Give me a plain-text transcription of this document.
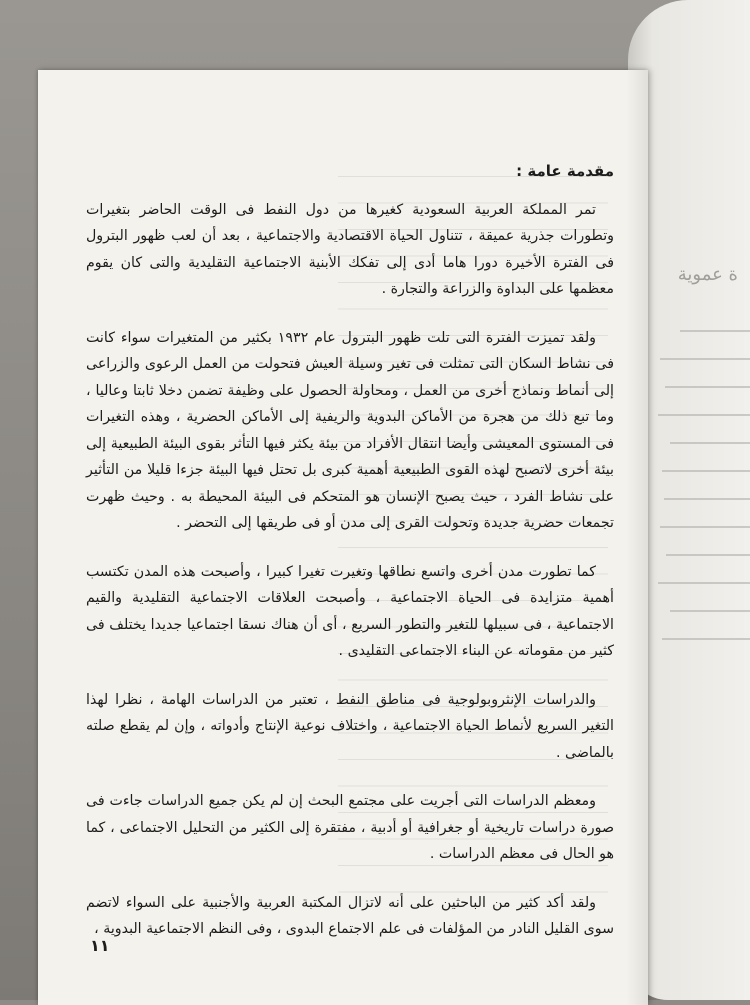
ة عموية
مقدمة عامة :

تمر المملكة العربية السعودية كغيرها من دول النفط فى الوقت الحاضر بتغيرات وتطورات جذرية عميقة ، تتناول الحياة الاقتصادية والاجتماعية ، بعد أن لعب ظهور البترول فى الفترة الأخيرة دورا هاما أدى إلى تفكك الأبنية الاجتماعية التقليدية والتى كان يقوم معظمها على البداوة والزراعة والتجارة .

ولقد تميزت الفترة التى تلت ظهور البترول عام ١٩٣٢ بكثير من المتغيرات سواء كانت فى نشاط السكان التى تمثلت فى تغير وسيلة العيش فتحولت من العمل الرعوى والزراعى إلى أنماط ونماذج أخرى من العمل ، ومحاولة الحصول على وظيفة تضمن دخلا ثابتا وعاليا ، وما تبع ذلك من هجرة من الأماكن البدوية والريفية إلى الأماكن الحضرية ، وهذه التغيرات فى المستوى المعيشى وأيضا انتقال الأفراد من بيئة يكثر فيها التأثر بقوى البيئة الطبيعية إلى بيئة أخرى لاتصبح لهذه القوى الطبيعية أهمية كبرى بل تحتل فيها البيئة جزءا قليلا من التأثير على نشاط الفرد ، حيث يصبح الإنسان هو المتحكم فى البيئة المحيطة به . وحيث ظهرت تجمعات حضرية جديدة وتحولت القرى إلى مدن أو فى طريقها إلى التحضر .

كما تطورت مدن أخرى واتسع نطاقها وتغيرت تغيرا كبيرا ، وأصبحت هذه المدن تكتسب أهمية متزايدة فى الحياة الاجتماعية ، وأصبحت العلاقات الاجتماعية التقليدية والقيم الاجتماعية ، فى سبيلها للتغير والتطور السريع ، أى أن هناك نسقا اجتماعيا جديدا يختلف فى كثير من مقوماته عن البناء الاجتماعى التقليدى .

والدراسات الإنثروبولوجية فى مناطق النفط ، تعتبر من الدراسات الهامة ، نظرا لهذا التغير السريع لأنماط الحياة الاجتماعية ، واختلاف نوعية الإنتاج وأدواته ، وإن لم يقطع صلته بالماضى .

ومعظم الدراسات التى أجريت على مجتمع البحث إن لم يكن جميع الدراسات جاءت فى صورة دراسات تاريخية أو جغرافية أو أدبية ، مفتقرة إلى الكثير من التحليل الاجتماعى ، كما هو الحال فى معظم الدراسات .

ولقد أكد كثير من الباحثين على أنه لاتزال المكتبة العربية والأجنبية على السواء لاتضم سوى القليل النادر من المؤلفات فى علم الاجتماع البدوى ، وفى النظم الاجتماعية البدوية ،

١١
